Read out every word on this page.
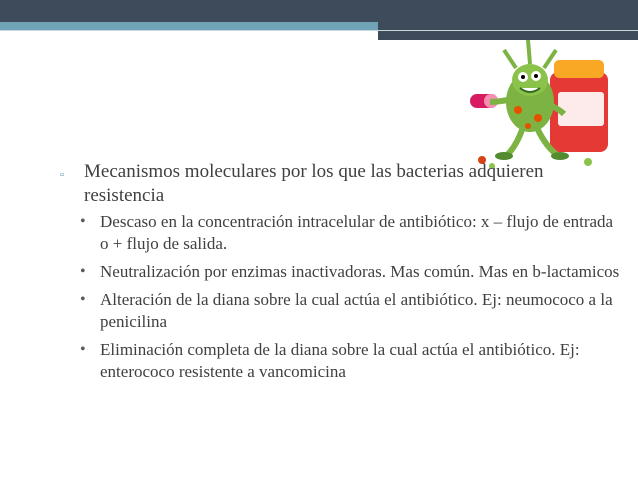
▫	Mecanismos moleculares por los que las bacterias adquieren resistencia
• Descaso en la concentración intracelular de antibiótico: x – flujo de entrada o + flujo de salida.
• Neutralización por enzimas inactivadoras. Mas común. Mas en b-lactamicos
• Alteración de la diana sobre la cual actúa el antibiótico. Ej: neumococo a la penicilina
• Eliminación completa de la diana sobre la cual actúa el antibiótico. Ej: enterococo resistente a vancomicina
